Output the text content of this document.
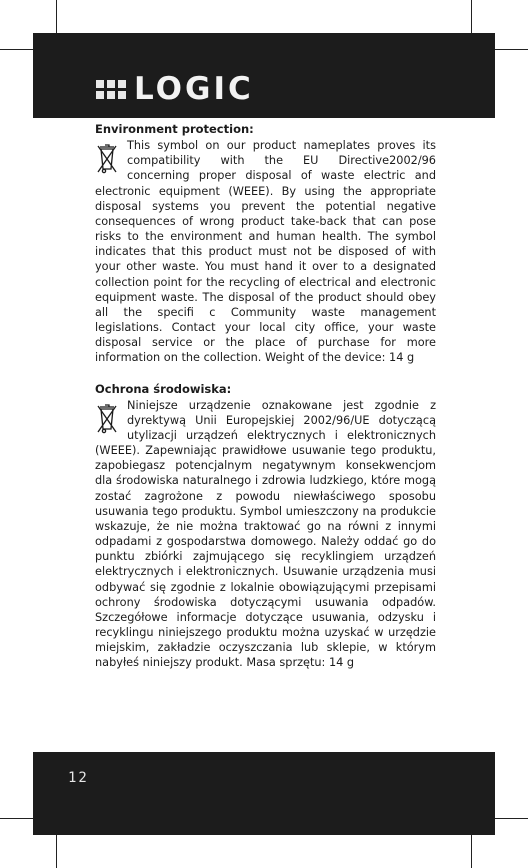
LOGIC

Environment protection:

This symbol on our product nameplates proves its compatibility with the EU Directive2002/96 concerning proper disposal of waste electric and electronic equipment (WEEE). By using the appropriate disposal systems you prevent the potential negative consequences of wrong product take-back that can pose risks to the environment and human health. The symbol indicates that this product must not be disposed of with your other waste. You must hand it over to a designated collection point for the recycling of electrical and electronic equipment waste. The disposal of the product should obey all the specifi c Community waste management legislations. Contact your local city office, your waste disposal service or the place of purchase for more information on the collection. Weight of the device: 14 g

Ochrona środowiska:

Niniejsze urządzenie oznakowane jest zgodnie z dyrektywą Unii Europejskiej 2002/96/UE dotyczącą utylizacji urządzeń elektrycznych i elektronicznych (WEEE). Zapewniając prawidłowe usuwanie tego produktu, zapobiegasz potencjalnym negatywnym konsekwencjom dla środowiska naturalnego i zdrowia ludzkiego, które mogą zostać zagrożone z powodu niewłaściwego sposobu usuwania tego produktu. Symbol umieszczony na produkcie wskazuje, że nie można traktować go na równi z innymi odpadami z gospodarstwa domowego. Należy oddać go do punktu zbiórki zajmującego się recyklingiem urządzeń elektrycznych i elektronicznych. Usuwanie urządzenia musi odbywać się zgodnie z lokalnie obowiązującymi przepisami ochrony środowiska dotyczącymi usuwania odpadów. Szczegółowe informacje dotyczące usuwania, odzysku i recyklingu niniejszego produktu można uzyskać w urzędzie miejskim, zakładzie oczyszczania lub sklepie, w którym nabyłeś niniejszy produkt. Masa sprzętu: 14 g

12
